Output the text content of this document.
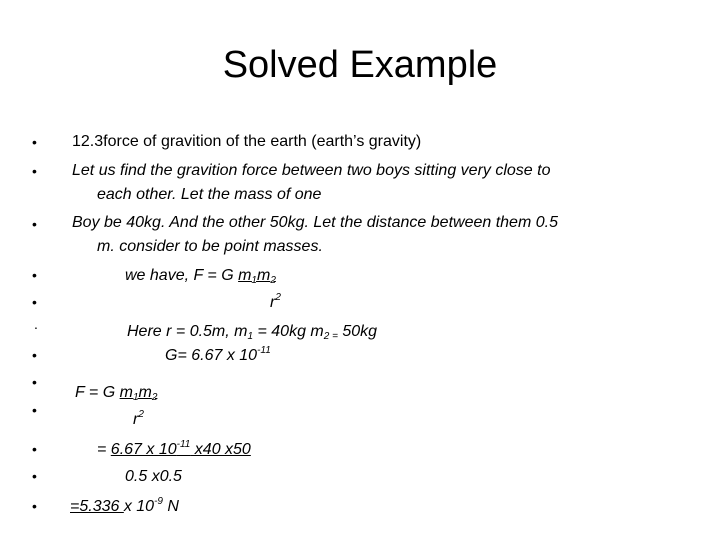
Solved Example
•
•
•
•
•
.
•
•
•
•
•
•
12.3force of gravition of the earth (earth’s gravity)
Let us find the gravition force between two boys sitting very close to
each other. Let the mass of one
Boy be 40kg. And the other 50kg. Let the distance between them 0.5
m. consider to be point masses.
we have, F = G $m_1m_2$
$r^2$
Here r = 0.5m, $m_1 = 40kg$ $m_{2 =}$ 50kg
G= 6.67 x $10^{-11}$
F = G $m_1m_2$
$r^2$
= 6.67 x $10^{-11}$ x40 x50
0.5 x0.5
=5.336 x $10^{-9}$ N
